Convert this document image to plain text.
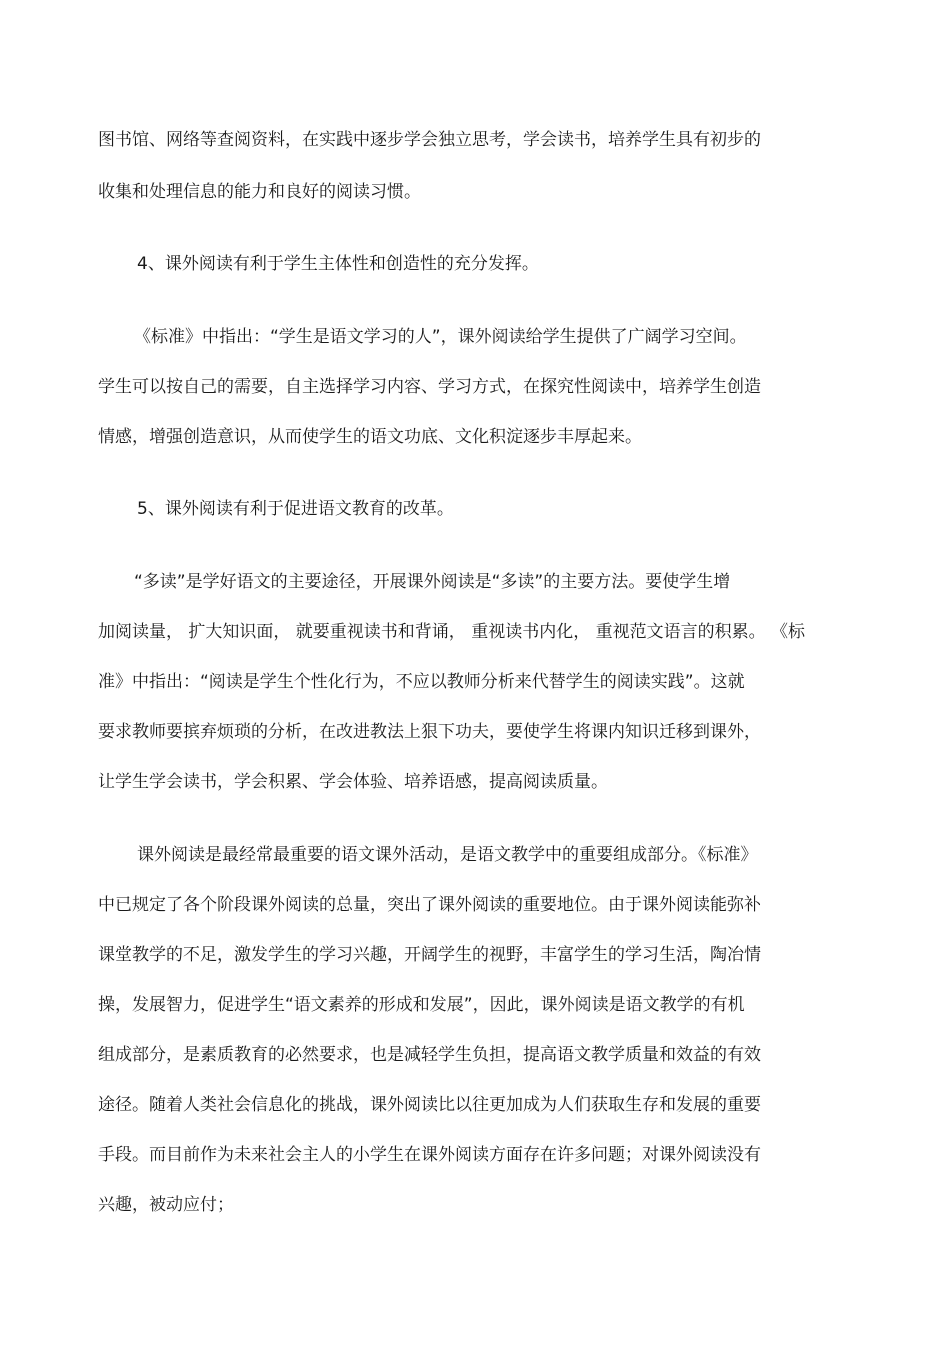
图书馆、网络等查阅资料，在实践中逐步学会独立思考，学会读书，培养学生具有初步的
收集和处理信息的能力和良好的阅读习惯。
4、课外阅读有利于学生主体性和创造性的充分发挥。
《标准》中指出：“学生是语文学习的人”，课外阅读给学生提供了广阔学习空间。
学生可以按自己的需要，自主选择学习内容、学习方式，在探究性阅读中，培养学生创造
情感，增强创造意识，从而使学生的语文功底、文化积淀逐步丰厚起来。
5、课外阅读有利于促进语文教育的改革。
“多读”是学好语文的主要途径，开展课外阅读是“多读”的主要方法。要使学生增
加阅读量， 扩大知识面， 就要重视读书和背诵， 重视读书内化， 重视范文语言的积累。 《标
准》中指出：“阅读是学生个性化行为，不应以教师分析来代替学生的阅读实践”。这就
要求教师要摈弃烦琐的分析，在改进教法上狠下功夫，要使学生将课内知识迁移到课外，
让学生学会读书，学会积累、学会体验、培养语感，提高阅读质量。
课外阅读是最经常最重要的语文课外活动，是语文教学中的重要组成部分。《标准》
中已规定了各个阶段课外阅读的总量，突出了课外阅读的重要地位。由于课外阅读能弥补
课堂教学的不足，激发学生的学习兴趣，开阔学生的视野，丰富学生的学习生活，陶冶情
操，发展智力，促进学生“语文素养的形成和发展”，因此，课外阅读是语文教学的有机
组成部分，是素质教育的必然要求，也是减轻学生负担，提高语文教学质量和效益的有效
途径。随着人类社会信息化的挑战，课外阅读比以往更加成为人们获取生存和发展的重要
手段。而目前作为未来社会主人的小学生在课外阅读方面存在许多问题；对课外阅读没有
兴趣，被动应付；
